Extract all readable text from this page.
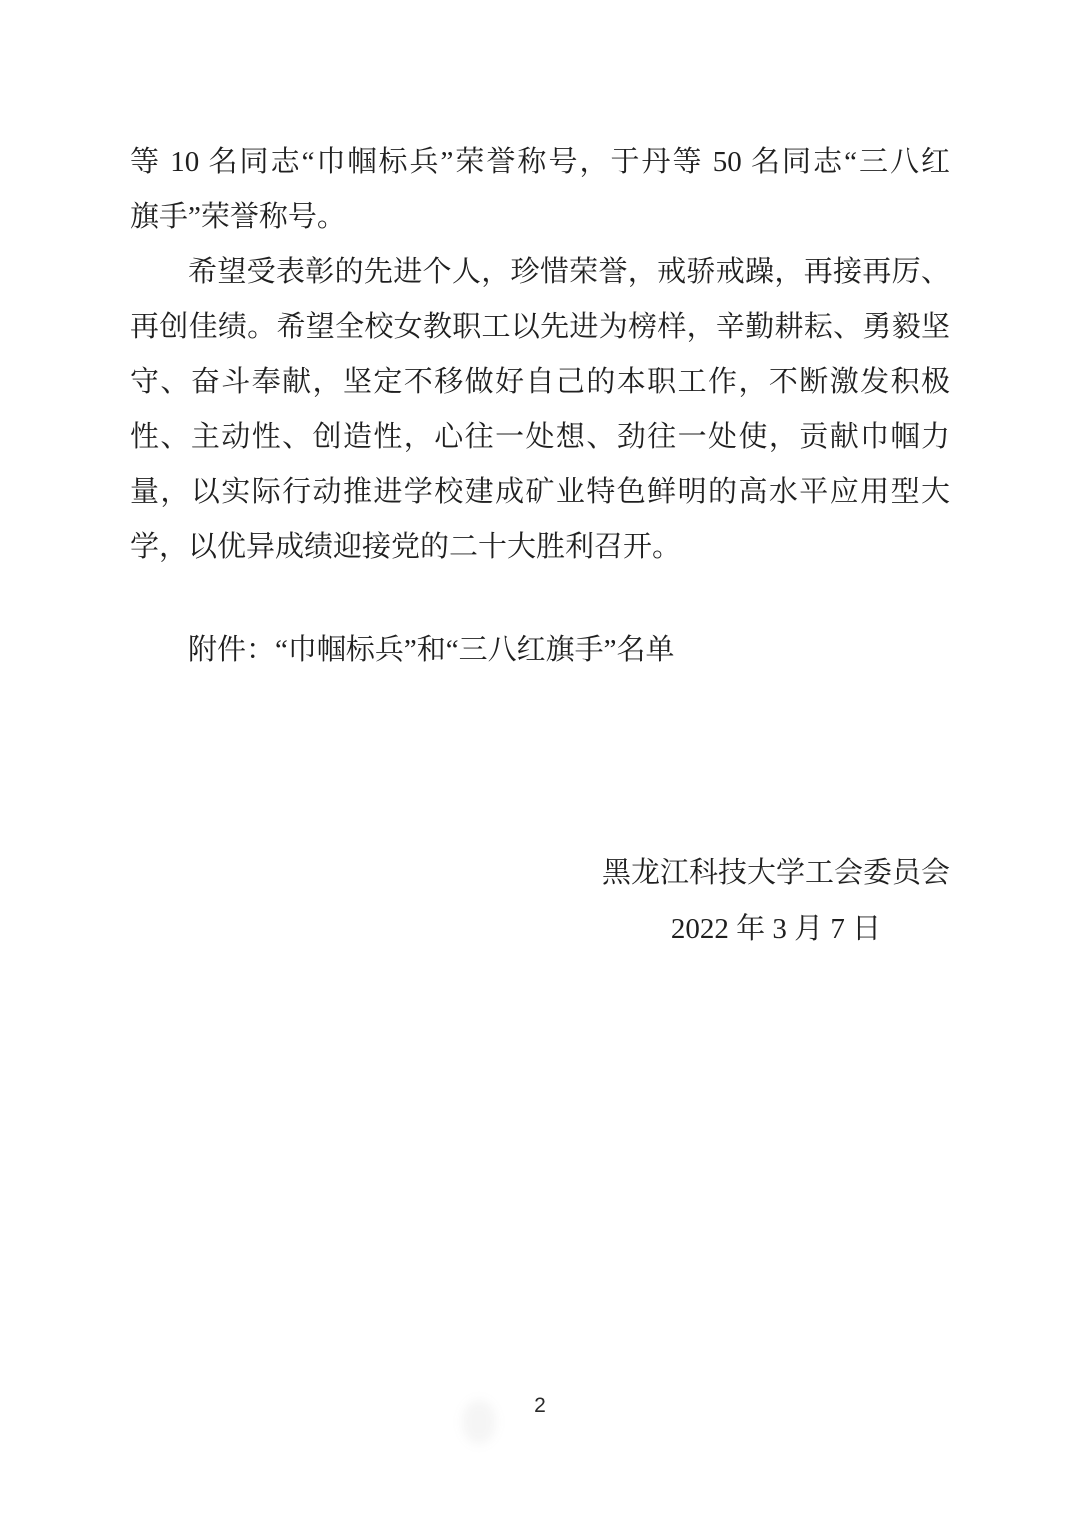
等 10 名同志“巾帼标兵”荣誉称号，于丹等 50 名同志“三八红
旗手”荣誉称号。
希望受表彰的先进个人，珍惜荣誉，戒骄戒躁，再接再厉、
再创佳绩。希望全校女教职工以先进为榜样，辛勤耕耘、勇毅坚
守、奋斗奉献，坚定不移做好自己的本职工作，不断激发积极
性、主动性、创造性，心往一处想、劲往一处使，贡献巾帼力
量，以实际行动推进学校建成矿业特色鲜明的高水平应用型大
学，以优异成绩迎接党的二十大胜利召开。
附件：“巾帼标兵”和“三八红旗手”名单
黑龙江科技大学工会委员会
2022 年 3 月 7 日
2
